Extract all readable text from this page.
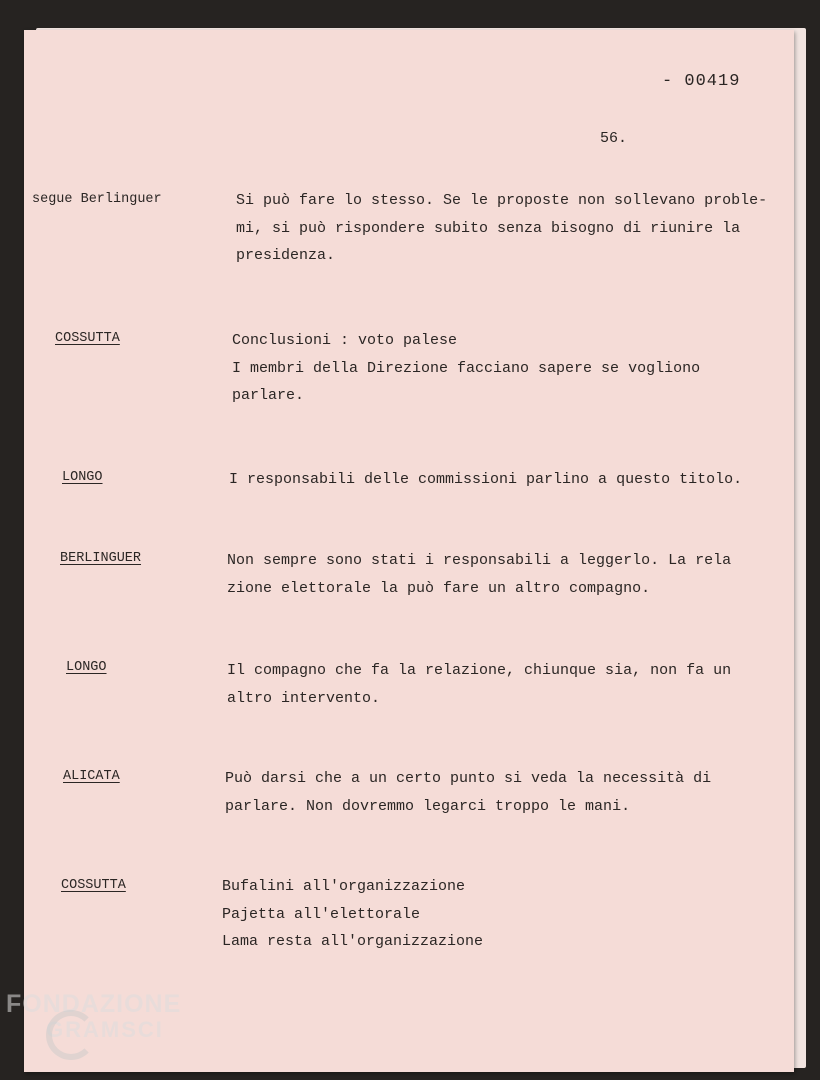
- 00419
56.
segue Berlinguer	Si può fare lo stesso. Se le proposte non sollevano proble-
mi, si può rispondere subito senza bisogno di riunire la
presidenza.
COSSUTTA	Conclusioni : voto palese
I membri della Direzione facciano sapere se vogliono
parlare.
LONGO	I responsabili delle commissioni parlino a questo titolo.
BERLINGUER	Non sempre sono stati i responsabili a leggerlo. La rela
zione elettorale la può fare un altro compagno.
LONGO	Il compagno che fa la relazione, chiunque sia, non fa un
altro intervento.
ALICATA	Può darsi che a un certo punto si veda la necessità di
parlare. Non dovremmo legarci troppo le mani.
COSSUTTA	Bufalini all'organizzazione
Pajetta all'elettorale
Lama resta all'organizzazione
FONDAZIONE
GRAMSCI
